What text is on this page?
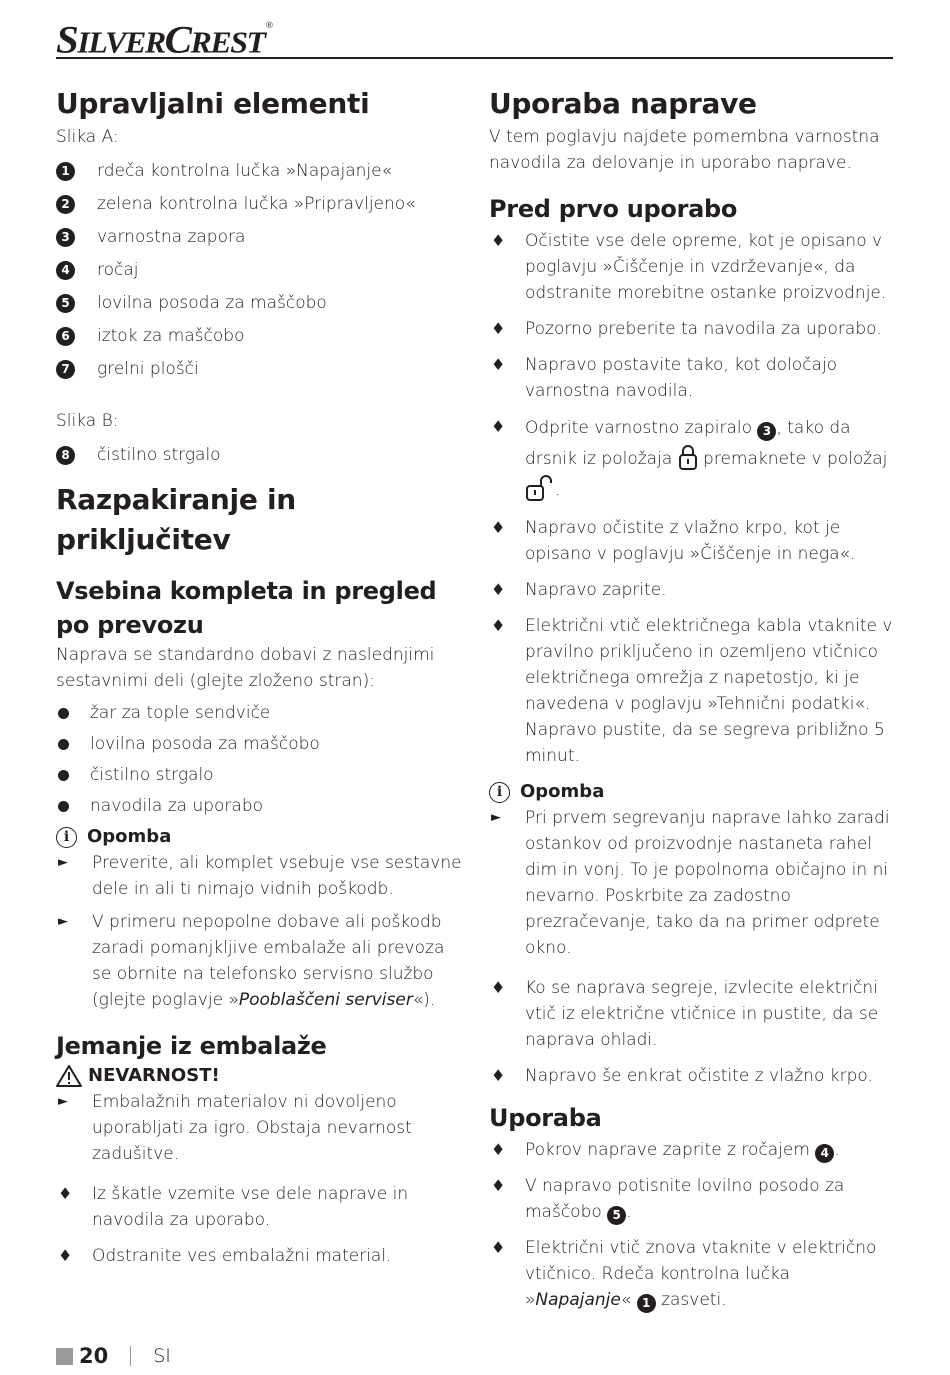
SILVERCREST®
Upravljalni elementi

Slika A:

1	rdeča kontrolna lučka »Napajanje«
2	zelena kontrolna lučka »Pripravljeno«
3	varnostna zapora
4	ročaj
5	lovilna posoda za maščobo
6	iztok za maščobo
7	grelni plošči

Slika B:

8	čistilno strgalo
Razpakiranje in priključitev
Vsebina kompleta in pregled po prevozu

Naprava se standardno dobavi z naslednjimi sestavnimi deli (glejte zloženo stran):

žar za tople sendviče
lovilna posoda za maščobo
čistilno strgalo
navodila za uporabo
i Opomba
►	Preverite, ali komplet vsebuje vse sestavne dele in ali ti nimajo vidnih poškodb.
►	V primeru nepopolne dobave ali poškodb zaradi pomanjkljive embalaže ali prevoza se obrnite na telefonsko servisno službo (glejte poglavje »Pooblaščeni serviser«).
Jemanje iz embalaže
NEVARNOST!
►	Embalažnih materialov ni dovoljeno uporabljati za igro. Obstaja nevarnost zadušitve.
♦	Iz škatle vzemite vse dele naprave in navodila za uporabo.
♦	Odstranite ves embalažni material.
Uporaba naprave

V tem poglavju najdete pomembna varnostna navodila za delovanje in uporabo naprave.

Pred prvo uporabo
♦	Očistite vse dele opreme, kot je opisano v poglavju »Čiščenje in vzdrževanje«, da odstranite morebitne ostanke proizvodnje.
♦	Pozorno preberite ta navodila za uporabo.
♦	Napravo postavite tako, kot določajo varnostna navodila.
♦	Odprite varnostno zapiralo 3 , tako da drsnik iz položaja premaknete v položaj .
♦	Napravo očistite z vlažno krpo, kot je opisano v poglavju »Čiščenje in nega«.
♦	Napravo zaprite.
♦	Električni vtič električnega kabla vtaknite v pravilno priključeno in ozemljeno vtičnico električnega omrežja z napetostjo, ki je navedena v poglavju »Tehnični podatki«. Napravo pustite, da se segreva približno 5 minut.
i Opomba
►	Pri prvem segrevanju naprave lahko zaradi ostankov od proizvodnje nastaneta rahel dim in vonj. To je popolnoma običajno in ni nevarno. Poskrbite za zadostno prezračevanje, tako da na primer odprete okno.
♦	Ko se naprava segreje, izvlecite električni vtič iz električne vtičnice in pustite, da se naprava ohladi.
♦	Napravo še enkrat očistite z vlažno krpo.
Uporaba
♦	Pokrov naprave zaprite z ročajem 4 .
♦	V napravo potisnite lovilno posodo za maščobo 5 .
♦	Električni vtič znova vtaknite v električno vtičnico. Rdeča kontrolna lučka »Napajanje« 1 zasveti.
20 SI
